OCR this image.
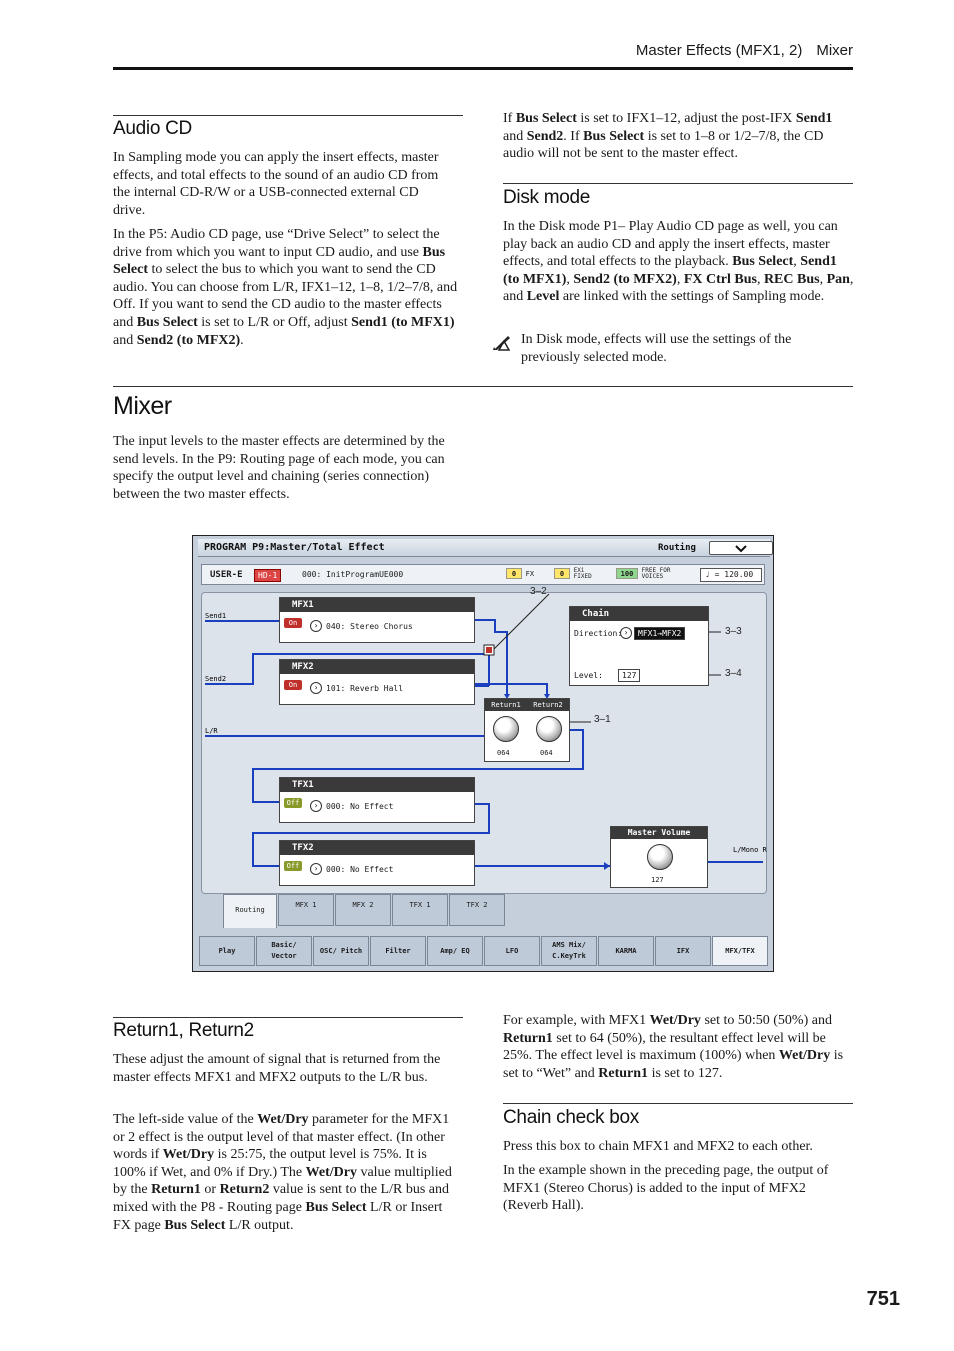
Master Effects (MFX1, 2) Mixer
Audio CD

In Sampling mode you can apply the insert effects, master effects, and total effects to the sound of an audio CD from the internal CD-R/W or a USB-connected external CD drive.

In the P5: Audio CD page, use “Drive Select” to select the drive from which you want to input CD audio, and use Bus Select to select the bus to which you want to send the CD audio. You can choose from L/R, IFX1–12, 1–8, 1/2–7/8, and Off. If you want to send the CD audio to the master effects and Bus Select is set to L/R or Off, adjust Send1 (to MFX1) and Send2 (to MFX2).

If Bus Select is set to IFX1–12, adjust the post-IFX Send1 and Send2. If Bus Select is set to 1–8 or 1/2–7/8, the CD audio will not be sent to the master effect.

Disk mode

In the Disk mode P1– Play Audio CD page as well, you can play back an audio CD and apply the insert effects, master effects, and total effects to the playback. Bus Select, Send1 (to MFX1), Send2 (to MFX2), FX Ctrl Bus, REC Bus, Pan, and Level are linked with the settings of Sampling mode.

In Disk mode, effects will use the settings of the previously selected mode.

Mixer

The input levels to the master effects are determined by the send levels. In the P9: Routing page of each mode, you can specify the output level and chaining (series connection) between the two master effects.

PROGRAM P9:Master/Total Effect	Routing
USER-E	HD-1	000: InitProgramUE000	0 FX	0 EXi FIXED	100 FREE FOR VOICES	♩ = 120.00
Send1
Send2
L/R
MFX1
On	› 040: Stereo Chorus
MFX2
On	› 101: Reverb Hall
TFX1
Off	› 000: No Effect
TFX2
Off	› 000: No Effect
Chain
Direction: ›	MFX1→MFX2
Level:	127
Return1	Return2
064	064
Master Volume
127
L/Mono R
Routing
MFX 1	MFX 2	TFX 1	TFX 2
Play
Basic/ Vector
OSC/ Pitch	Filter	Amp/ EQ	LFO
AMS Mix/ C.KeyTrk
KARMA	IFX	MFX/TFX
3–2
3–3
3–4
3–1
Return1, Return2

These adjust the amount of signal that is returned from the master effects MFX1 and MFX2 outputs to the L/R bus.

The left-side value of the Wet/Dry parameter for the MFX1 or 2 effect is the output level of that master effect. (In other words if Wet/Dry is 25:75, the output level is 75%. It is 100% if Wet, and 0% if Dry.) The Wet/Dry value multiplied by the Return1 or Return2 value is sent to the L/R bus and mixed with the P8 - Routing page Bus Select L/R or Insert FX page Bus Select L/R output.

For example, with MFX1 Wet/Dry set to 50:50 (50%) and Return1 set to 64 (50%), the resultant effect level will be 25%. The effect level is maximum (100%) when Wet/Dry is set to “Wet” and Return1 is set to 127.

Chain check box

Press this box to chain MFX1 and MFX2 to each other.

In the example shown in the preceding page, the output of MFX1 (Stereo Chorus) is added to the input of MFX2 (Reverb Hall).

751
